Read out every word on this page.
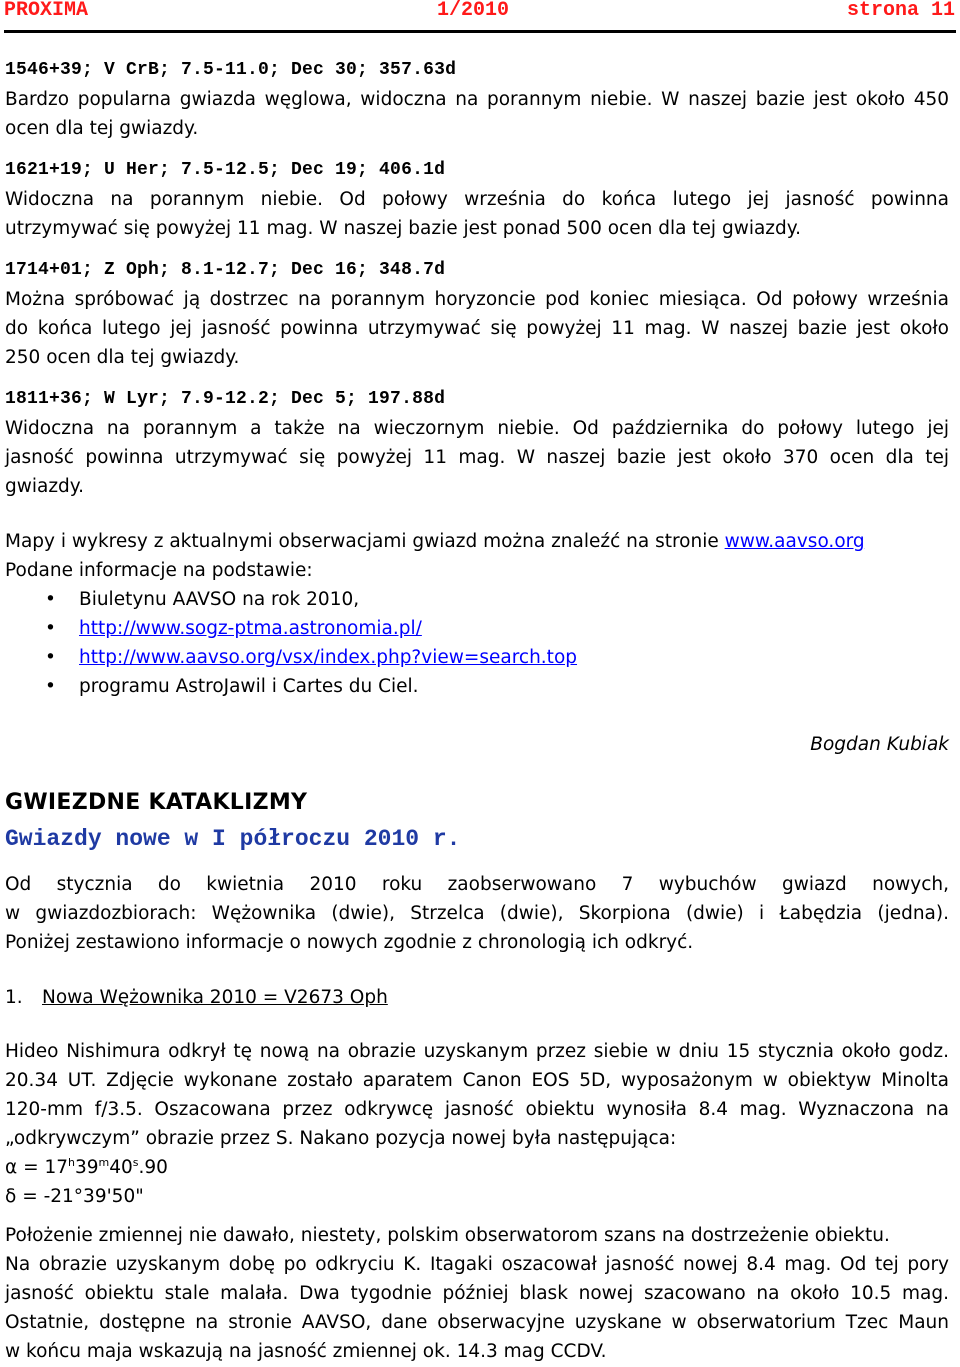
PROXIMA	1/2010	strona 11
1546+39; V CrB; 7.5-11.0; Dec 30; 357.63d
Bardzo popularna gwiazda węglowa, widoczna na porannym niebie. W naszej bazie jest około 450
ocen dla tej gwiazdy.
1621+19; U Her; 7.5-12.5; Dec 19; 406.1d
Widoczna na porannym niebie. Od połowy września do końca lutego jej jasność powinna
utrzymywać się powyżej 11 mag. W naszej bazie jest ponad 500 ocen dla tej gwiazdy.
1714+01; Z Oph; 8.1-12.7; Dec 16; 348.7d
Można spróbować ją dostrzec na porannym horyzoncie pod koniec miesiąca. Od połowy września
do końca lutego jej jasność powinna utrzymywać się powyżej 11 mag. W naszej bazie jest około
250 ocen dla tej gwiazdy.
1811+36; W Lyr; 7.9-12.2; Dec 5; 197.88d
Widoczna na porannym a także na wieczornym niebie. Od października do połowy lutego jej
jasność powinna utrzymywać się powyżej 11 mag. W naszej bazie jest około 370 ocen dla tej
gwiazdy.
Mapy i wykresy z aktualnymi obserwacjami gwiazd można znaleźć na stronie www.aavso.org
Podane informacje na podstawie:
• Biuletynu AAVSO na rok 2010,
• http://www.sogz-ptma.astronomia.pl/
• http://www.aavso.org/vsx/index.php?view=search.top
• programu AstroJawil i Cartes du Ciel.
Bogdan Kubiak
GWIEZDNE KATAKLIZMY
Gwiazdy nowe w I półroczu 2010 r.
Od stycznia do kwietnia 2010 roku zaobserwowano 7 wybuchów gwiazd nowych,
w gwiazdozbiorach: Wężownika (dwie), Strzelca (dwie), Skorpiona (dwie) i Łabędzia (jedna).
Poniżej zestawiono informacje o nowych zgodnie z chronologią ich odkryć.
1. Nowa Wężownika 2010 = V2673 Oph
Hideo Nishimura odkrył tę nową na obrazie uzyskanym przez siebie w dniu 15 stycznia około godz.
20.34 UT. Zdjęcie wykonane zostało aparatem Canon EOS 5D, wyposażonym w obiektyw Minolta
120-mm f/3.5. Oszacowana przez odkrywcę jasność obiektu wynosiła 8.4 mag. Wyznaczona na
„odkrywczym” obrazie przez S. Nakano pozycja nowej była następująca:
$\alpha = 17^h39^m40^s.90$
δ = -21°39'50"
Położenie zmiennej nie dawało, niestety, polskim obserwatorom szans na dostrzeżenie obiektu.
Na obrazie uzyskanym dobę po odkryciu K. Itagaki oszacował jasność nowej 8.4 mag. Od tej pory
jasność obiektu stale malała. Dwa tygodnie później blask nowej szacowano na około 10.5 mag.
Ostatnie, dostępne na stronie AAVSO, dane obserwacyjne uzyskane w obserwatorium Tzec Maun
w końcu maja wskazują na jasność zmiennej ok. 14.3 mag CCDV.
